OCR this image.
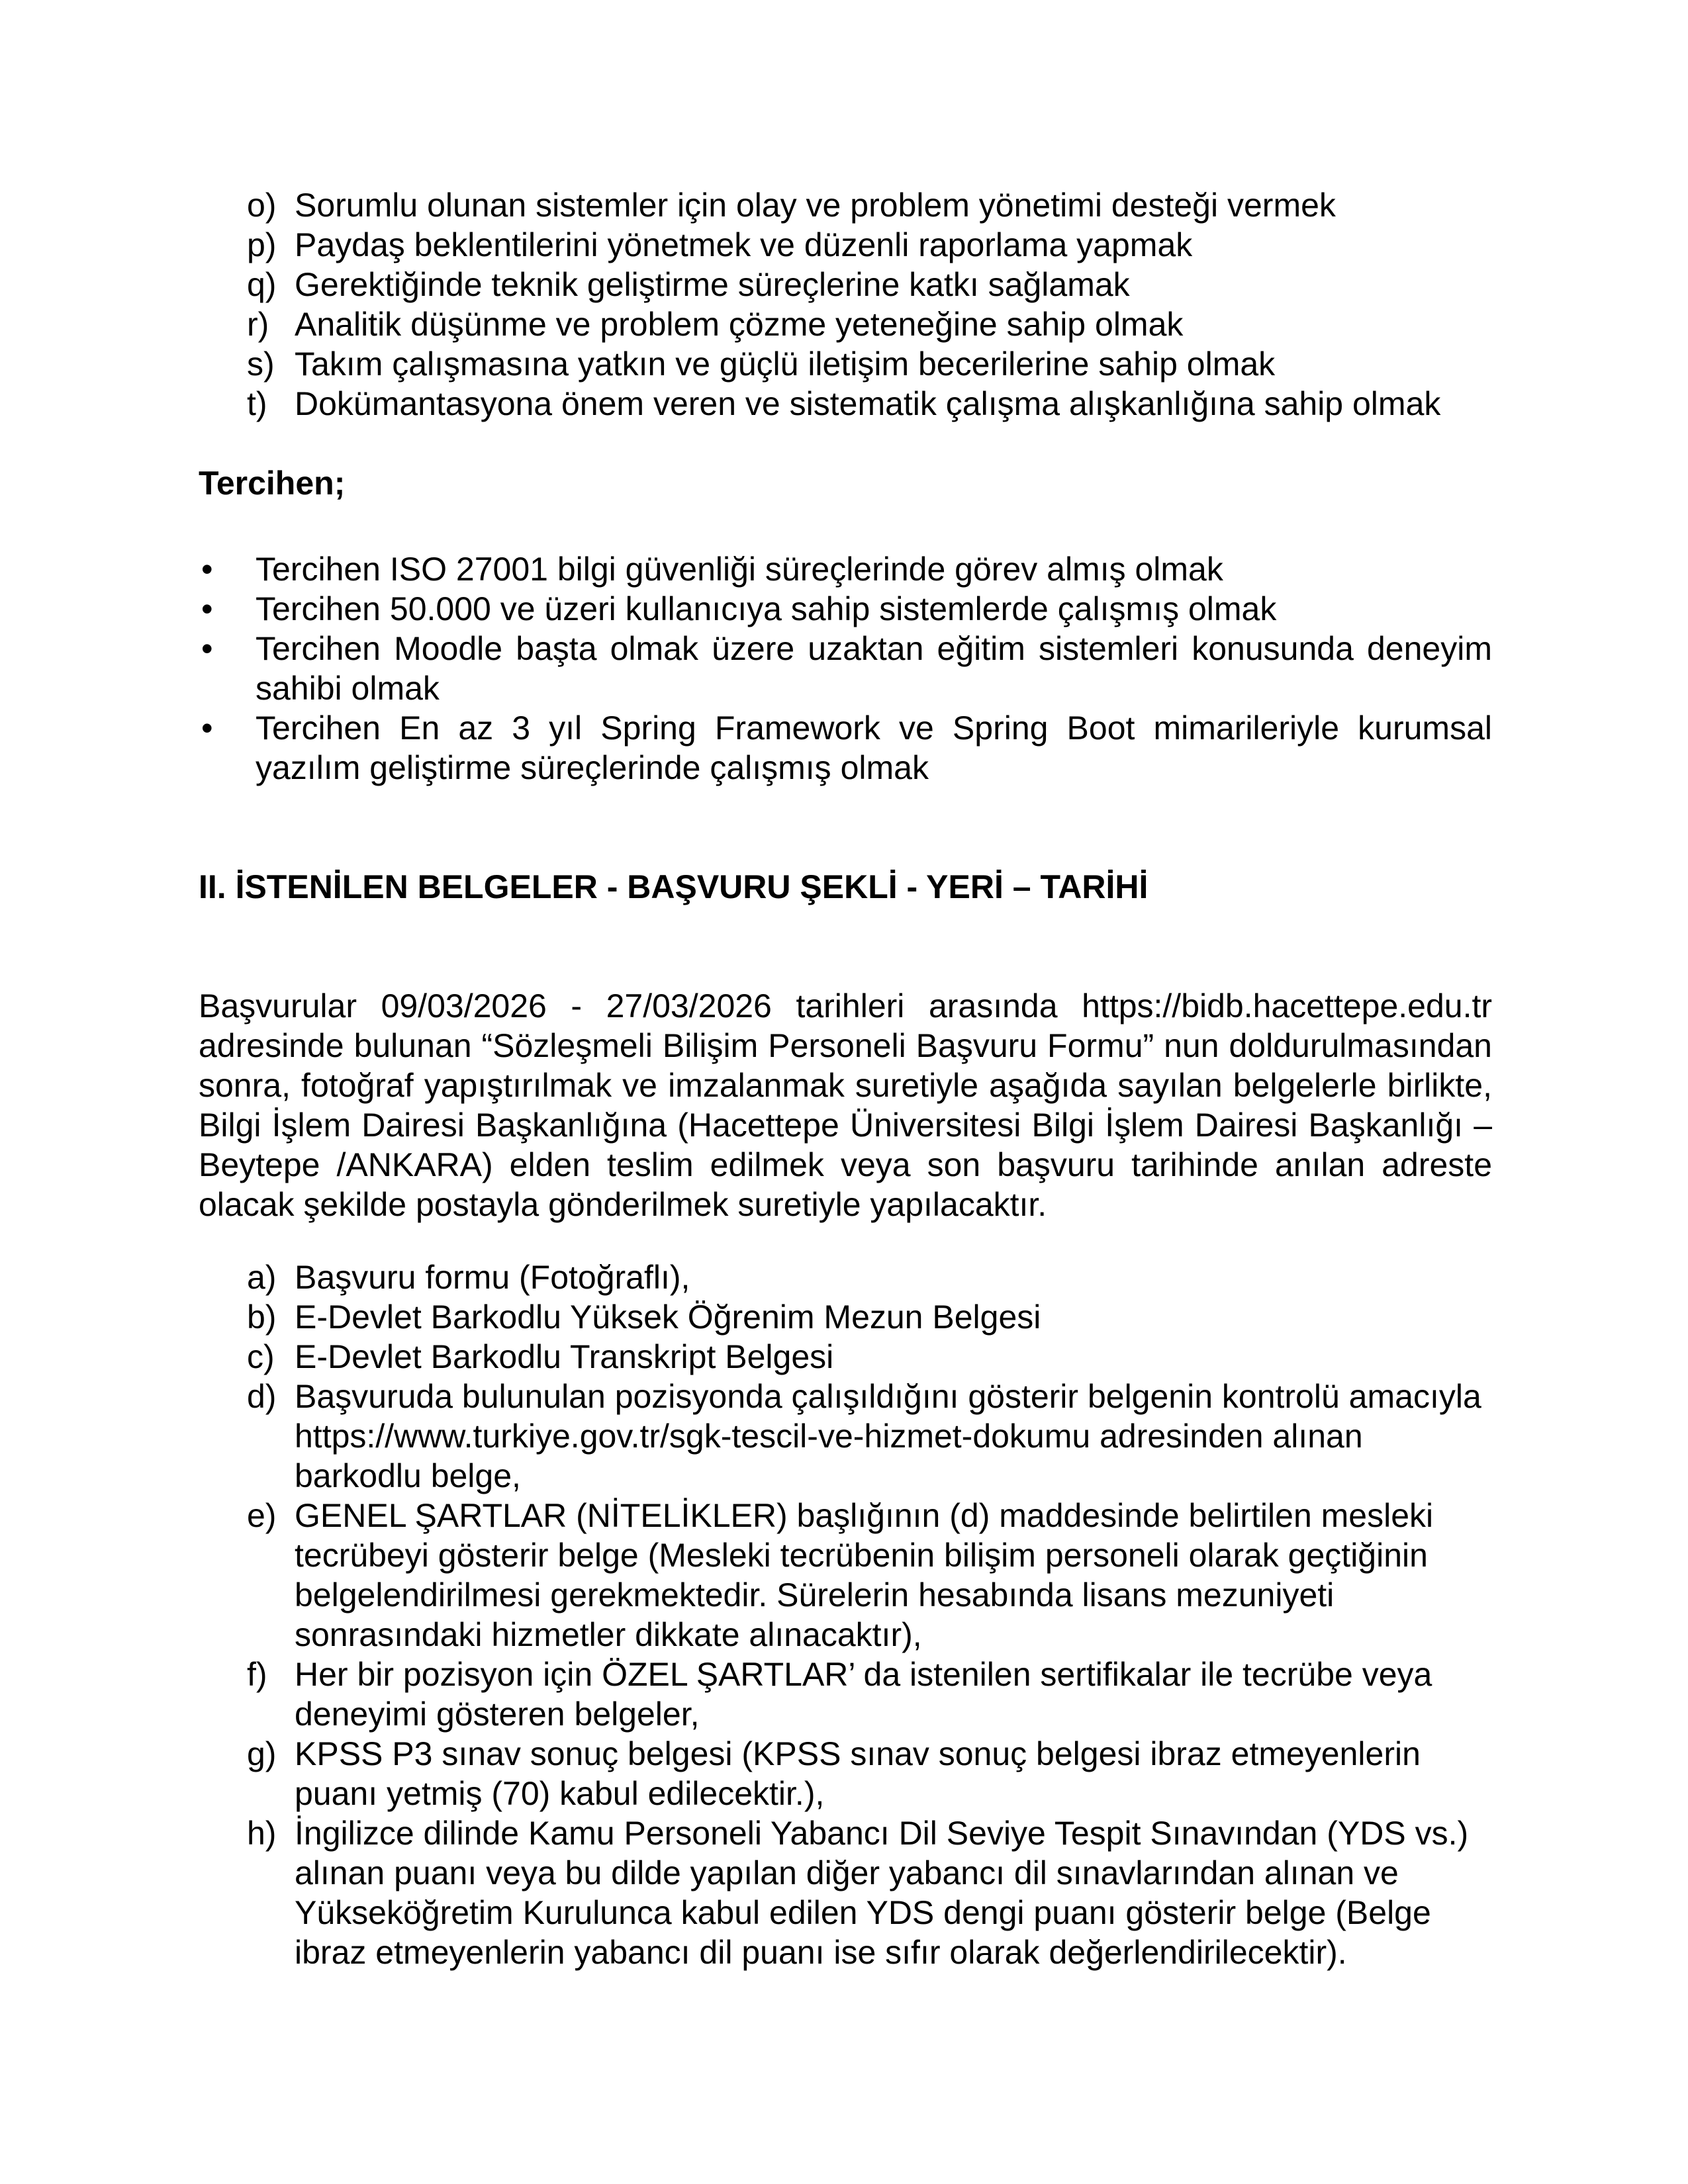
o) Sorumlu olunan sistemler için olay ve problem yönetimi desteği vermek
p) Paydaş beklentilerini yönetmek ve düzenli raporlama yapmak
q) Gerektiğinde teknik geliştirme süreçlerine katkı sağlamak
r) Analitik düşünme ve problem çözme yeteneğine sahip olmak
s) Takım çalışmasına yatkın ve güçlü iletişim becerilerine sahip olmak
t) Dokümantasyona önem veren ve sistematik çalışma alışkanlığına sahip olmak
Tercihen;
• Tercihen ISO 27001 bilgi güvenliği süreçlerinde görev almış olmak
• Tercihen 50.000 ve üzeri kullanıcıya sahip sistemlerde çalışmış olmak
• Tercihen Moodle başta olmak üzere uzaktan eğitim sistemleri konusunda deneyim sahibi olmak
• Tercihen En az 3 yıl Spring Framework ve Spring Boot mimarileriyle kurumsal yazılım geliştirme süreçlerinde çalışmış olmak
II. İSTENİLEN BELGELER - BAŞVURU ŞEKLİ - YERİ – TARİHİ

Başvurular 09/03/2026 - 27/03/2026 tarihleri arasında https://bidb.hacettepe.edu.tr adresinde bulunan “Sözleşmeli Bilişim Personeli Başvuru Formu” nun doldurulmasından sonra, fotoğraf yapıştırılmak ve imzalanmak suretiyle aşağıda sayılan belgelerle birlikte, Bilgi İşlem Dairesi Başkanlığına (Hacettepe Üniversitesi Bilgi İşlem Dairesi Başkanlığı – Beytepe /ANKARA) elden teslim edilmek veya son başvuru tarihinde anılan adreste olacak şekilde postayla gönderilmek suretiyle yapılacaktır.

a) Başvuru formu (Fotoğraflı),
b) E-Devlet Barkodlu Yüksek Öğrenim Mezun Belgesi
c) E-Devlet Barkodlu Transkript Belgesi
d) Başvuruda bulunulan pozisyonda çalışıldığını gösterir belgenin kontrolü amacıyla https://www.turkiye.gov.tr/sgk-tescil-ve-hizmet-dokumu adresinden alınan barkodlu belge,
e) GENEL ŞARTLAR (NİTELİKLER) başlığının (d) maddesinde belirtilen mesleki tecrübeyi gösterir belge (Mesleki tecrübenin bilişim personeli olarak geçtiğinin belgelendirilmesi gerekmektedir. Sürelerin hesabında lisans mezuniyeti sonrasındaki hizmetler dikkate alınacaktır),
f) Her bir pozisyon için ÖZEL ŞARTLAR’ da istenilen sertifikalar ile tecrübe veya deneyimi gösteren belgeler,
g) KPSS P3 sınav sonuç belgesi (KPSS sınav sonuç belgesi ibraz etmeyenlerin puanı yetmiş (70) kabul edilecektir.),
h) İngilizce dilinde Kamu Personeli Yabancı Dil Seviye Tespit Sınavından (YDS vs.) alınan puanı veya bu dilde yapılan diğer yabancı dil sınavlarından alınan ve Yükseköğretim Kurulunca kabul edilen YDS dengi puanı gösterir belge (Belge ibraz etmeyenlerin yabancı dil puanı ise sıfır olarak değerlendirilecektir).
